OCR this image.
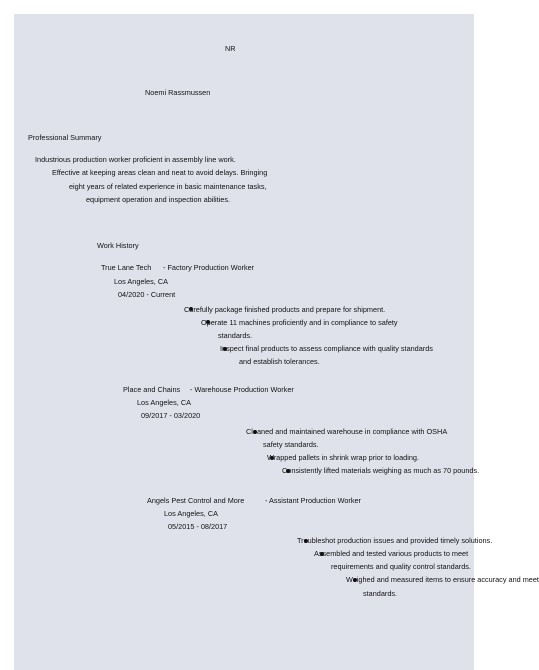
NR
Noemi Rassmussen
Professional Summary
Industrious production worker proficient in assembly line work.
Effective at keeping areas clean and neat to avoid delays. Bringing
eight years of related experience in basic maintenance tasks,
equipment operation and inspection abilities.
Work History
True Lane Tech - Factory Production Worker
Los Angeles, CA
04/2020 - Current
Carefully package finished products and prepare for shipment.
Operate 11 machines proficiently and in compliance to safety
standards.
Inspect final products to assess compliance with quality standards
and establish tolerances.
Place and Chains - Warehouse Production Worker
Los Angeles, CA
09/2017 - 03/2020
Cleaned and maintained warehouse in compliance with OSHA
safety standards.
Wrapped pallets in shrink wrap prior to loading.
Consistently lifted materials weighing as much as 70 pounds.
Angels Pest Control and More	- Assistant Production Worker
Los Angeles, CA
05/2015 - 08/2017
Troubleshot production issues and provided timely solutions.
Assembled and tested various products to meet
requirements and quality control standards.
Weighed and measured items to ensure accuracy and meet
standards.
